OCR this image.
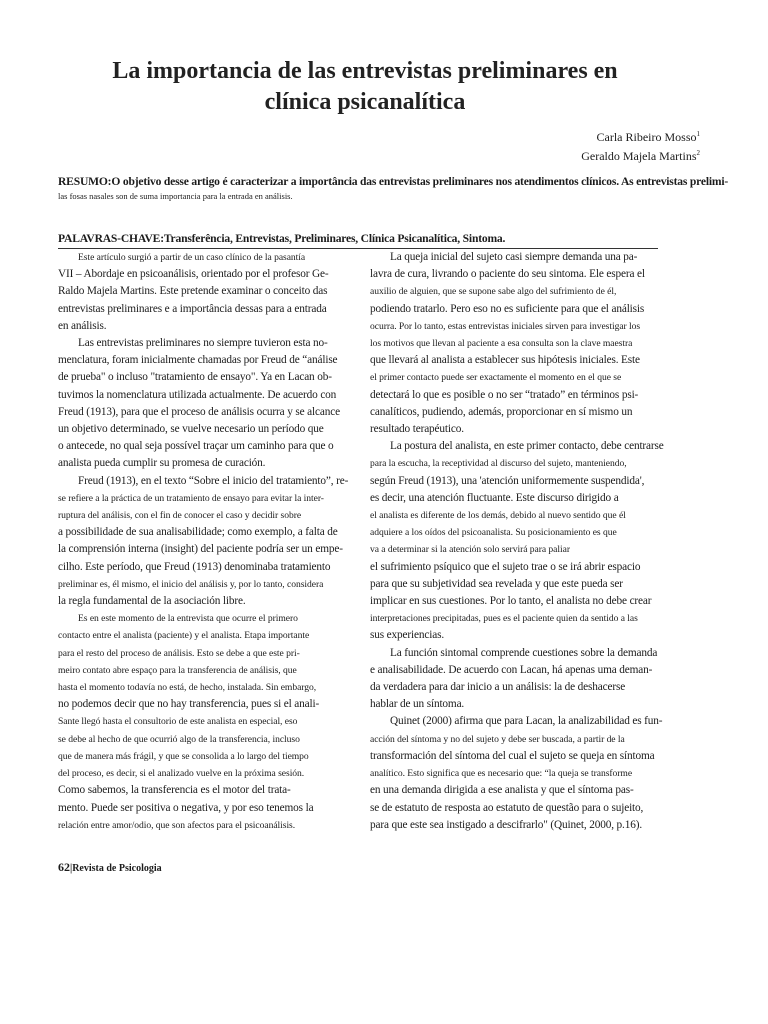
La importancia de las entrevistas preliminares en
clínica psicanalítica
Carla Ribeiro Mosso$^1$
Geraldo Majela Martins$^2$
RESUMO:O objetivo desse artigo é caracterizar a importância das entrevistas preliminares nos atendimentos clínicos. As entrevistas prelimi-
las fosas nasales son de suma importancia para la entrada en análisis.
PALAVRAS-CHAVE:Transferência, Entrevistas, Preliminares, Clínica Psicanalítica, Sintoma.
Este artículo surgió a partir de un caso clínico de la pasantía
VII – Abordaje en psicoanálisis, orientado por el profesor Ge-
Raldo Majela Martins. Este pretende examinar o conceito das
entrevistas preliminares e a importância dessas para a entrada
en análisis.
Las entrevistas preliminares no siempre tuvieron esta no-
menclatura, foram inicialmente chamadas por Freud de “análise
de prueba" o incluso "tratamiento de ensayo". Ya en Lacan ob-
tuvimos la nomenclatura utilizada actualmente. De acuerdo con
Freud (1913), para que el proceso de análisis ocurra y se alcance
un objetivo determinado, se vuelve necesario un período que
o antecede, no qual seja possível traçar um caminho para que o
analista pueda cumplir su promesa de curación.
Freud (1913), en el texto “Sobre el inicio del tratamiento”, re-
se refiere a la práctica de un tratamiento de ensayo para evitar la inter-
ruptura del análisis, con el fin de conocer el caso y decidir sobre
a possibilidade de sua analisabilidade; como exemplo, a falta de
la comprensión interna (insight) del paciente podría ser un empe-
cilho. Este período, que Freud (1913) denominaba tratamiento
preliminar es, él mismo, el inicio del análisis y, por lo tanto, considera
la regla fundamental de la asociación libre.
Es en este momento de la entrevista que ocurre el primero
contacto entre el analista (paciente) y el analista. Etapa importante
para el resto del proceso de análisis. Esto se debe a que este pri-
meiro contato abre espaço para la transferencia de análisis, que
hasta el momento todavía no está, de hecho, instalada. Sin embargo,
no podemos decir que no hay transferencia, pues si el anali-
Sante llegó hasta el consultorio de este analista en especial, eso
se debe al hecho de que ocurrió algo de la transferencia, incluso
que de manera más frágil, y que se consolida a lo largo del tiempo
del proceso, es decir, si el analizado vuelve en la próxima sesión.
Como sabemos, la transferencia es el motor del trata-
mento. Puede ser positiva o negativa, y por eso tenemos la
relación entre amor/odio, que son afectos para el psicoanálisis.
La queja inicial del sujeto casi siempre demanda una pa-
lavra de cura, livrando o paciente do seu sintoma. Ele espera el
auxilio de alguien, que se supone sabe algo del sufrimiento de él,
podiendo tratarlo. Pero eso no es suficiente para que el análisis
ocurra. Por lo tanto, estas entrevistas iniciales sirven para investigar los
los motivos que llevan al paciente a esa consulta son la clave maestra
que llevará al analista a establecer sus hipótesis iniciales. Este
el primer contacto puede ser exactamente el momento en el que se
detectará lo que es posible o no ser “tratado” en términos psi-
canalíticos, pudiendo, además, proporcionar en sí mismo un
resultado terapéutico.
La postura del analista, en este primer contacto, debe centrarse
para la escucha, la receptividad al discurso del sujeto, manteniendo,
según Freud (1913), una 'atención uniformemente suspendida',
es decir, una atención fluctuante. Este discurso dirigido a
el analista es diferente de los demás, debido al nuevo sentido que él
adquiere a los oídos del psicoanalista. Su posicionamiento es que
va a determinar si la atención solo servirá para paliar
el sufrimiento psíquico que el sujeto trae o se irá abrir espacio
para que su subjetividad sea revelada y que este pueda ser
implicar en sus cuestiones. Por lo tanto, el analista no debe crear
interpretaciones precipitadas, pues es el paciente quien da sentido a las
sus experiencias.
La función sintomal comprende cuestiones sobre la demanda
e analisabilidade. De acuerdo con Lacan, há apenas uma deman-
da verdadera para dar inicio a un análisis: la de deshacerse
hablar de un síntoma.
Quinet (2000) afirma que para Lacan, la analizabilidad es fun-
acción del síntoma y no del sujeto y debe ser buscada, a partir de la
transformación del síntoma del cual el sujeto se queja en síntoma
analítico. Esto significa que es necesario que: “la queja se transforme
en una demanda dirigida a ese analista y que el síntoma pas-
se de estatuto de resposta ao estatuto de questão para o sujeito,
para que este sea instigado a descifrarlo" (Quinet, 2000, p.16).
62|Revista de Psicologia
